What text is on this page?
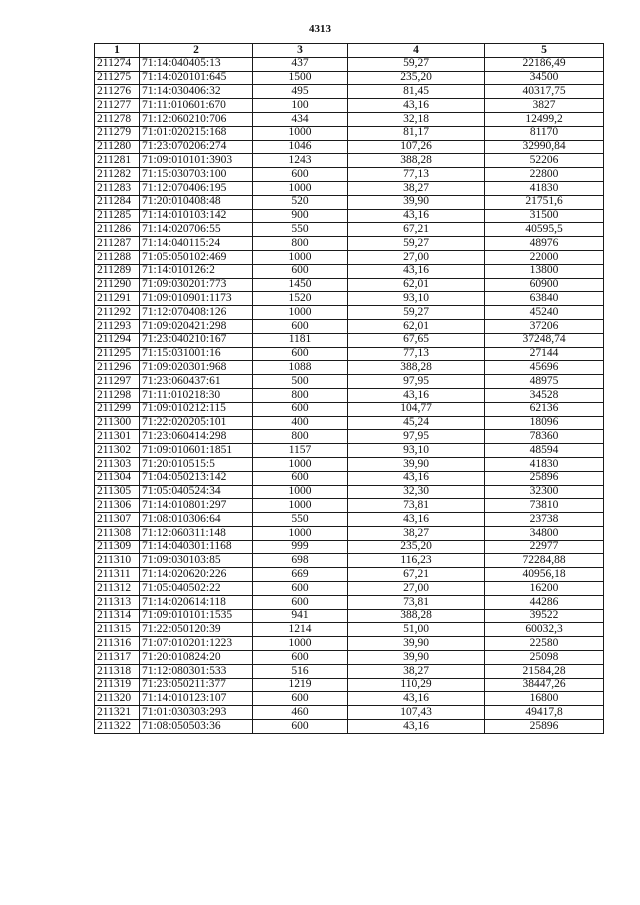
4313
1	2	3	4	5
211274	71:14:040405:13	437	59,27	22186,49
211275	71:14:020101:645	1500	235,20	34500
211276	71:14:030406:32	495	81,45	40317,75
211277	71:11:010601:670	100	43,16	3827
211278	71:12:060210:706	434	32,18	12499,2
211279	71:01:020215:168	1000	81,17	81170
211280	71:23:070206:274	1046	107,26	32990,84
211281	71:09:010101:3903	1243	388,28	52206
211282	71:15:030703:100	600	77,13	22800
211283	71:12:070406:195	1000	38,27	41830
211284	71:20:010408:48	520	39,90	21751,6
211285	71:14:010103:142	900	43,16	31500
211286	71:14:020706:55	550	67,21	40595,5
211287	71:14:040115:24	800	59,27	48976
211288	71:05:050102:469	1000	27,00	22000
211289	71:14:010126:2	600	43,16	13800
211290	71:09:030201:773	1450	62,01	60900
211291	71:09:010901:1173	1520	93,10	63840
211292	71:12:070408:126	1000	59,27	45240
211293	71:09:020421:298	600	62,01	37206
211294	71:23:040210:167	1181	67,65	37248,74
211295	71:15:031001:16	600	77,13	27144
211296	71:09:020301:968	1088	388,28	45696
211297	71:23:060437:61	500	97,95	48975
211298	71:11:010218:30	800	43,16	34528
211299	71:09:010212:115	600	104,77	62136
211300	71:22:020205:101	400	45,24	18096
211301	71:23:060414:298	800	97,95	78360
211302	71:09:010601:1851	1157	93,10	48594
211303	71:20:010515:5	1000	39,90	41830
211304	71:04:050213:142	600	43,16	25896
211305	71:05:040524:34	1000	32,30	32300
211306	71:14:010801:297	1000	73,81	73810
211307	71:08:010306:64	550	43,16	23738
211308	71:12:060311:148	1000	38,27	34800
211309	71:14:040301:1168	999	235,20	22977
211310	71:09:030103:85	698	116,23	72284,88
211311	71:14:020620:226	669	67,21	40956,18
211312	71:05:040502:22	600	27,00	16200
211313	71:14:020614:118	600	73,81	44286
211314	71:09:010101:1535	941	388,28	39522
211315	71:22:050120:39	1214	51,00	60032,3
211316	71:07:010201:1223	1000	39,90	22580
211317	71:20:010824:20	600	39,90	25098
211318	71:12:080301:533	516	38,27	21584,28
211319	71:23:050211:377	1219	110,29	38447,26
211320	71:14:010123:107	600	43,16	16800
211321	71:01:030303:293	460	107,43	49417,8
211322	71:08:050503:36	600	43,16	25896
